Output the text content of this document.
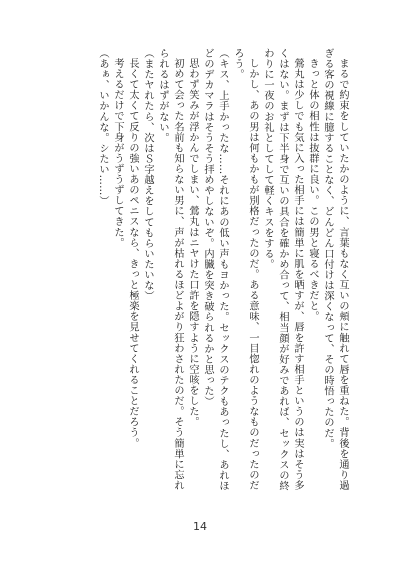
まるで約束をしていたかのように、言葉もなく互いの頬に触れて唇を重ねた。背後を通り過ぎる客の視線に臆することなく、どんどん口付けは深くなって、その時悟ったのだ。

きっと体の相性は抜群に良い。この男と寝るべきだと。

鶯丸は少しでも気に入った相手には簡単に肌を晒すが、唇を許す相手というのは実はそう多くはない。まずは下半身で互いの具合を確かめ合って、相当顔が好みであれば、セックスの終わりに一夜のお礼としてして軽くキスをする。

しかし、あの男は何もかもが別格だったのだ。ある意味、一目惚れのようなものだったのだろう。

（キス、上手かったな……それにあの低い声もヨかった。セックスのテクもあったし、あれほどのデカマラはそうそう拝めやしないぞ。内臓を突き破られるかと思った）

思わず笑みが浮かんでしまい、鶯丸はニヤけた口許を隠すように空咳をした。

初めて会った名前も知らない男に、声が枯れるほどよがり狂わされたのだ。そう簡単に忘れられるはずがない。

（またヤれたら、次はＳ字越えをしてもらいたいな）

長くて太くて反りの強いあのペニスなら、きっと極楽を見せてくれることだろう。

考えるだけで下身がうずうずしてきた。

（あぁ、いかんな。シたい……）

14
